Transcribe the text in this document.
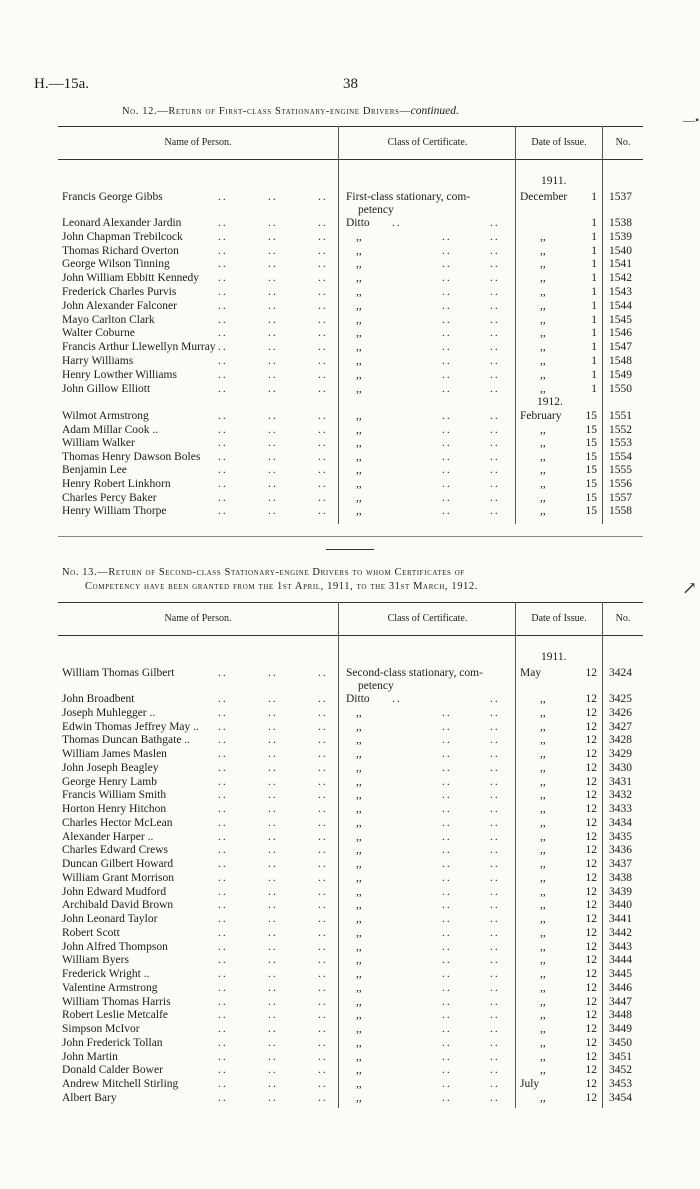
H.—15a.	38
No. 12.—Return of First-class Stationary-engine Drivers—continued.
Name of Person.	Class of Certificate.	Date of Issue.	No.
1911.
1912.
Francis George Gibbs	..	..	.. First-class stationary, com-	December	1 1537
petency
Leonard Alexander Jardin	..	..	.. Ditto ..	..	1 1538
John Chapman Trebilcock	..	..	.. ,,	..	..	,,	1 1539
Thomas Richard Overton	..	..	.. ,,	..	..	,,	1 1540
George Wilson Tinning	..	..	.. ,,	..	..	,,	1 1541
John William Ebbitt Kennedy ..	..	.. ,,	..	..	,,	1 1542
Frederick Charles Purvis	..	..	.. ,,	..	..	,,	1 1543
John Alexander Falconer	..	..	.. ,,	..	..	,,	1 1544
Mayo Carlton Clark	..	..	.. ,,	..	..	,,	1 1545
Walter Coburne	..	..	.. ,,	..	..	,,	1 1546
Francis Arthur Llewellyn Murray ..	..	.. ,,	..	..	,,	1 1547
Harry Williams	..	..	.. ,,	..	..	,,	1 1548
Henry Lowther Williams	..	..	.. ,,	..	..	,,	1 1549
John Gillow Elliott	..	..	.. ,,	..	..	,,	1 1550
Wilmot Armstrong	..	..	.. ,,	..	.. February	15 1551
Adam Millar Cook ..	..	..	.. ,,	..	..	,,	15 1552
William Walker	..	..	.. ,,	..	..	,,	15 1553
Thomas Henry Dawson Boles ..	..	.. ,,	..	..	,,	15 1554
Benjamin Lee	..	..	.. ,,	..	..	,,	15 1555
Henry Robert Linkhorn	..	..	.. ,,	..	..	,,	15 1556
Charles Percy Baker	..	..	.. ,,	..	..	,,	15 1557
Henry William Thorpe	..	..	.. ,,	..	..	,,	15 1558
No. 13.—Return of Second-class Stationary-engine Drivers to whom Certificates of
Competency have been granted from the 1st April, 1911, to the 31st March, 1912.
Name of Person.	Class of Certificate.	Date of Issue.	No.
1911.
William Thomas Gilbert	..	..	.. Second-class stationary, com-	May	12 3424
petency
John Broadbent	..	..	.. Ditto ..	..	,,	12 3425
Joseph Muhlegger ..	..	..	.. ,,	..	..	,,	12 3426
Edwin Thomas Jeffrey May .. ..	..	.. ,,	..	..	,,	12 3427
Thomas Duncan Bathgate .. ..	..	.. ,,	..	..	,,	12 3428
William James Maslen	..	..	.. ,,	..	..	,,	12 3429
John Joseph Beagley	..	..	.. ,,	..	..	,,	12 3430
George Henry Lamb	..	..	.. ,,	..	..	,,	12 3431
Francis William Smith	..	..	.. ,,	..	..	,,	12 3432
Horton Henry Hitchon	..	..	.. ,,	..	..	,,	12 3433
Charles Hector McLean	..	..	.. ,,	..	..	,,	12 3434
Alexander Harper ..	..	..	.. ,,	..	..	,,	12 3435
Charles Edward Crews	..	..	.. ,,	..	..	,,	12 3436
Duncan Gilbert Howard	..	..	.. ,,	..	..	,,	12 3437
William Grant Morrison	..	..	.. ,,	..	..	,,	12 3438
John Edward Mudford	..	..	.. ,,	..	..	,,	12 3439
Archibald David Brown	..	..	.. ,,	..	..	,,	12 3440
John Leonard Taylor	..	..	.. ,,	..	..	,,	12 3441
Robert Scott	..	..	.. ,,	..	..	,,	12 3442
John Alfred Thompson	..	..	.. ,,	..	..	,,	12 3443
William Byers	..	..	.. ,,	..	..	,,	12 3444
Frederick Wright ..	..	..	.. ,,	..	..	,,	12 3445
Valentine Armstrong	..	..	.. ,,	..	..	,,	12 3446
William Thomas Harris	..	..	.. ,,	..	..	,,	12 3447
Robert Leslie Metcalfe	..	..	.. ,,	..	..	,,	12 3448
Simpson McIvor	..	..	.. ,,	..	..	,,	12 3449
John Frederick Tollan	..	..	.. ,,	..	..	,,	12 3450
John Martin	..	..	.. ,,	..	..	,,	12 3451
Donald Calder Bower	..	..	.. ,,	..	..	,,	12 3452
Andrew Mitchell Stirling	..	..	.. ,,	..	.. July	12 3453
Albert Bary	..	..	.. ,,	..	..	,,	12 3454
—•
↗
